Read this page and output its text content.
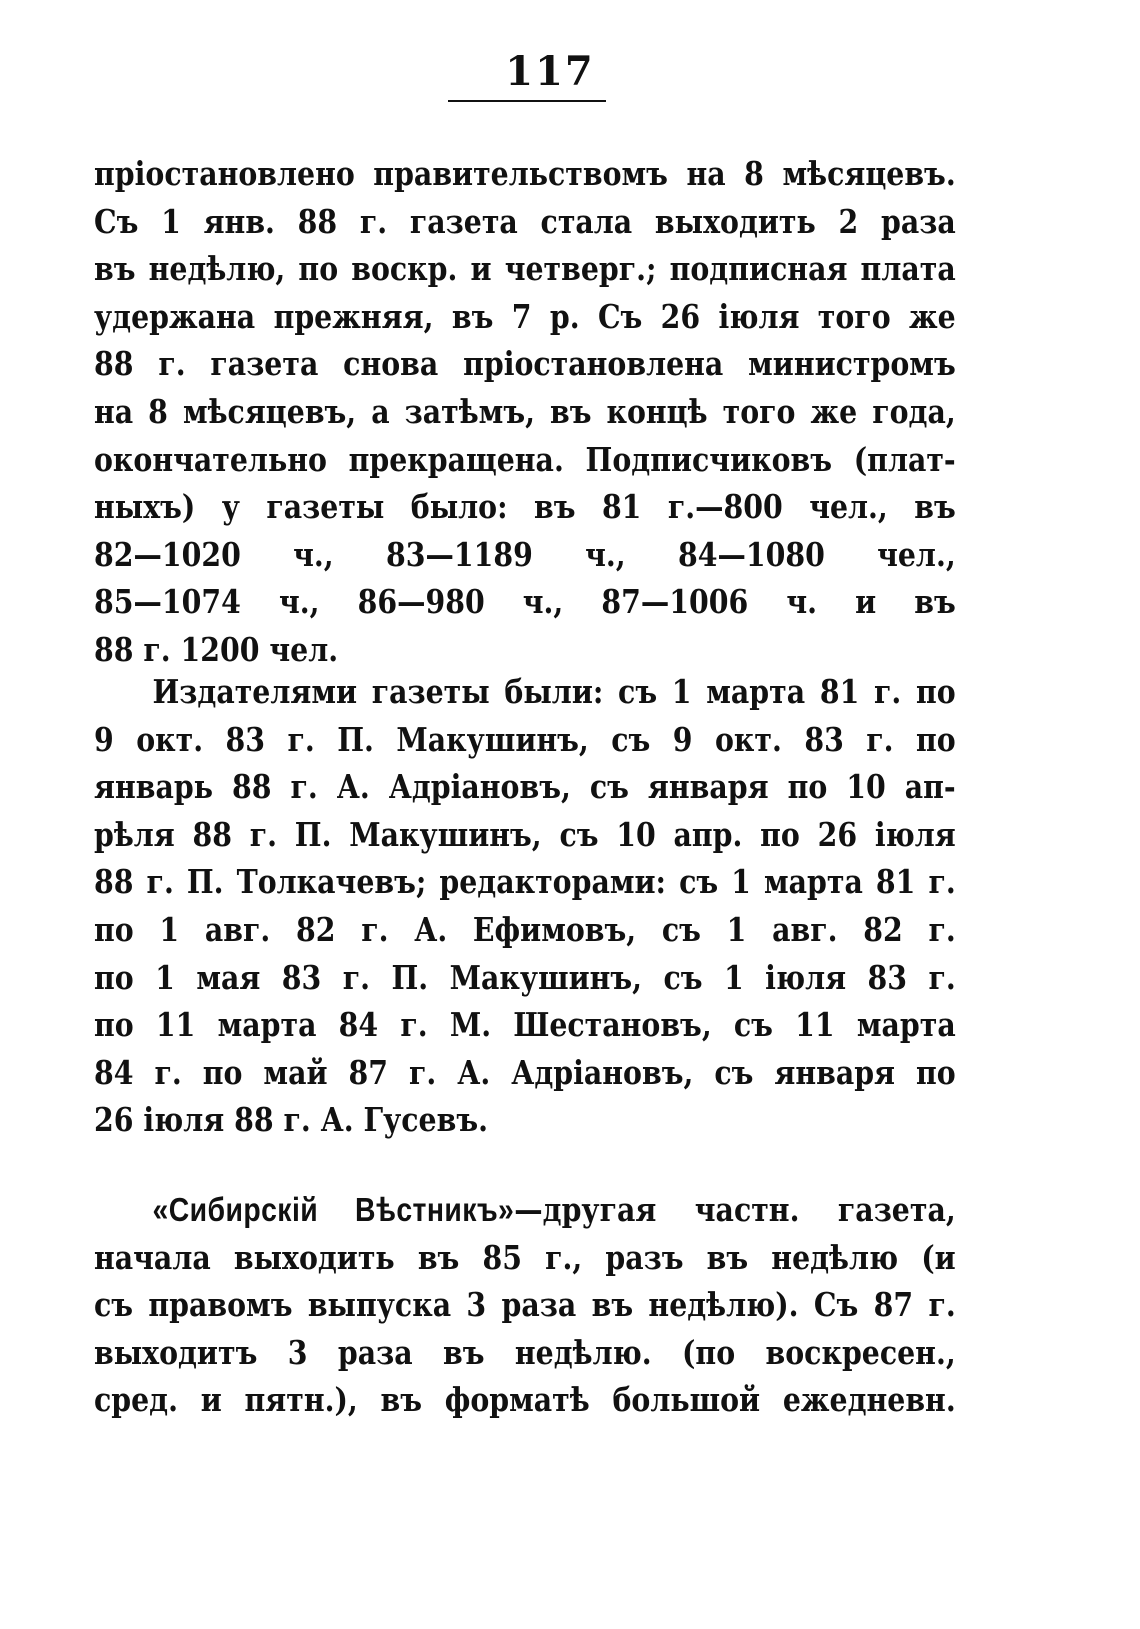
117
пріостановлено правительствомъ на 8 мѣсяцевъ.
Съ 1 янв. 88 г. газета стала выходить 2 раза
въ недѣлю, по воскр. и четверг.; подписная плата
удержана прежняя, въ 7 р. Съ 26 іюля того же
88 г. газета снова пріостановлена министромъ
на 8 мѣсяцевъ, а затѣмъ, въ концѣ того же года,
окончательно прекращена. Подписчиковъ (плат-
ныхъ) у газеты было: въ 81 г.—800 чел., въ
82—1020 ч., 83—1189 ч., 84—1080 чел.,
85—1074 ч., 86—980 ч., 87—1006 ч. и въ
88 г. 1200 чел.
Издателями газеты были: съ 1 марта 81 г. по
9 окт. 83 г. П. Макушинъ, съ 9 окт. 83 г. по
январь 88 г. А. Адріановъ, съ января по 10 ап-
рѣля 88 г. П. Макушинъ, съ 10 апр. по 26 іюля
88 г. П. Толкачевъ; редакторами: съ 1 марта 81 г.
по 1 авг. 82 г. А. Ефимовъ, съ 1 авг. 82 г.
по 1 мая 83 г. П. Макушинъ, съ 1 іюля 83 г.
по 11 марта 84 г. М. Шестановъ, съ 11 марта
84 г. по май 87 г. А. Адріановъ, съ января по
26 іюля 88 г. А. Гусевъ.
«Сибирскій Вѣстникъ»—другая частн. газета,
начала выходить въ 85 г., разъ въ недѣлю (и
съ правомъ выпуска 3 раза въ недѣлю). Съ 87 г.
выходитъ 3 раза въ недѣлю. (по воскресен.,
сред. и пятн.), въ форматѣ большой ежедневн.
